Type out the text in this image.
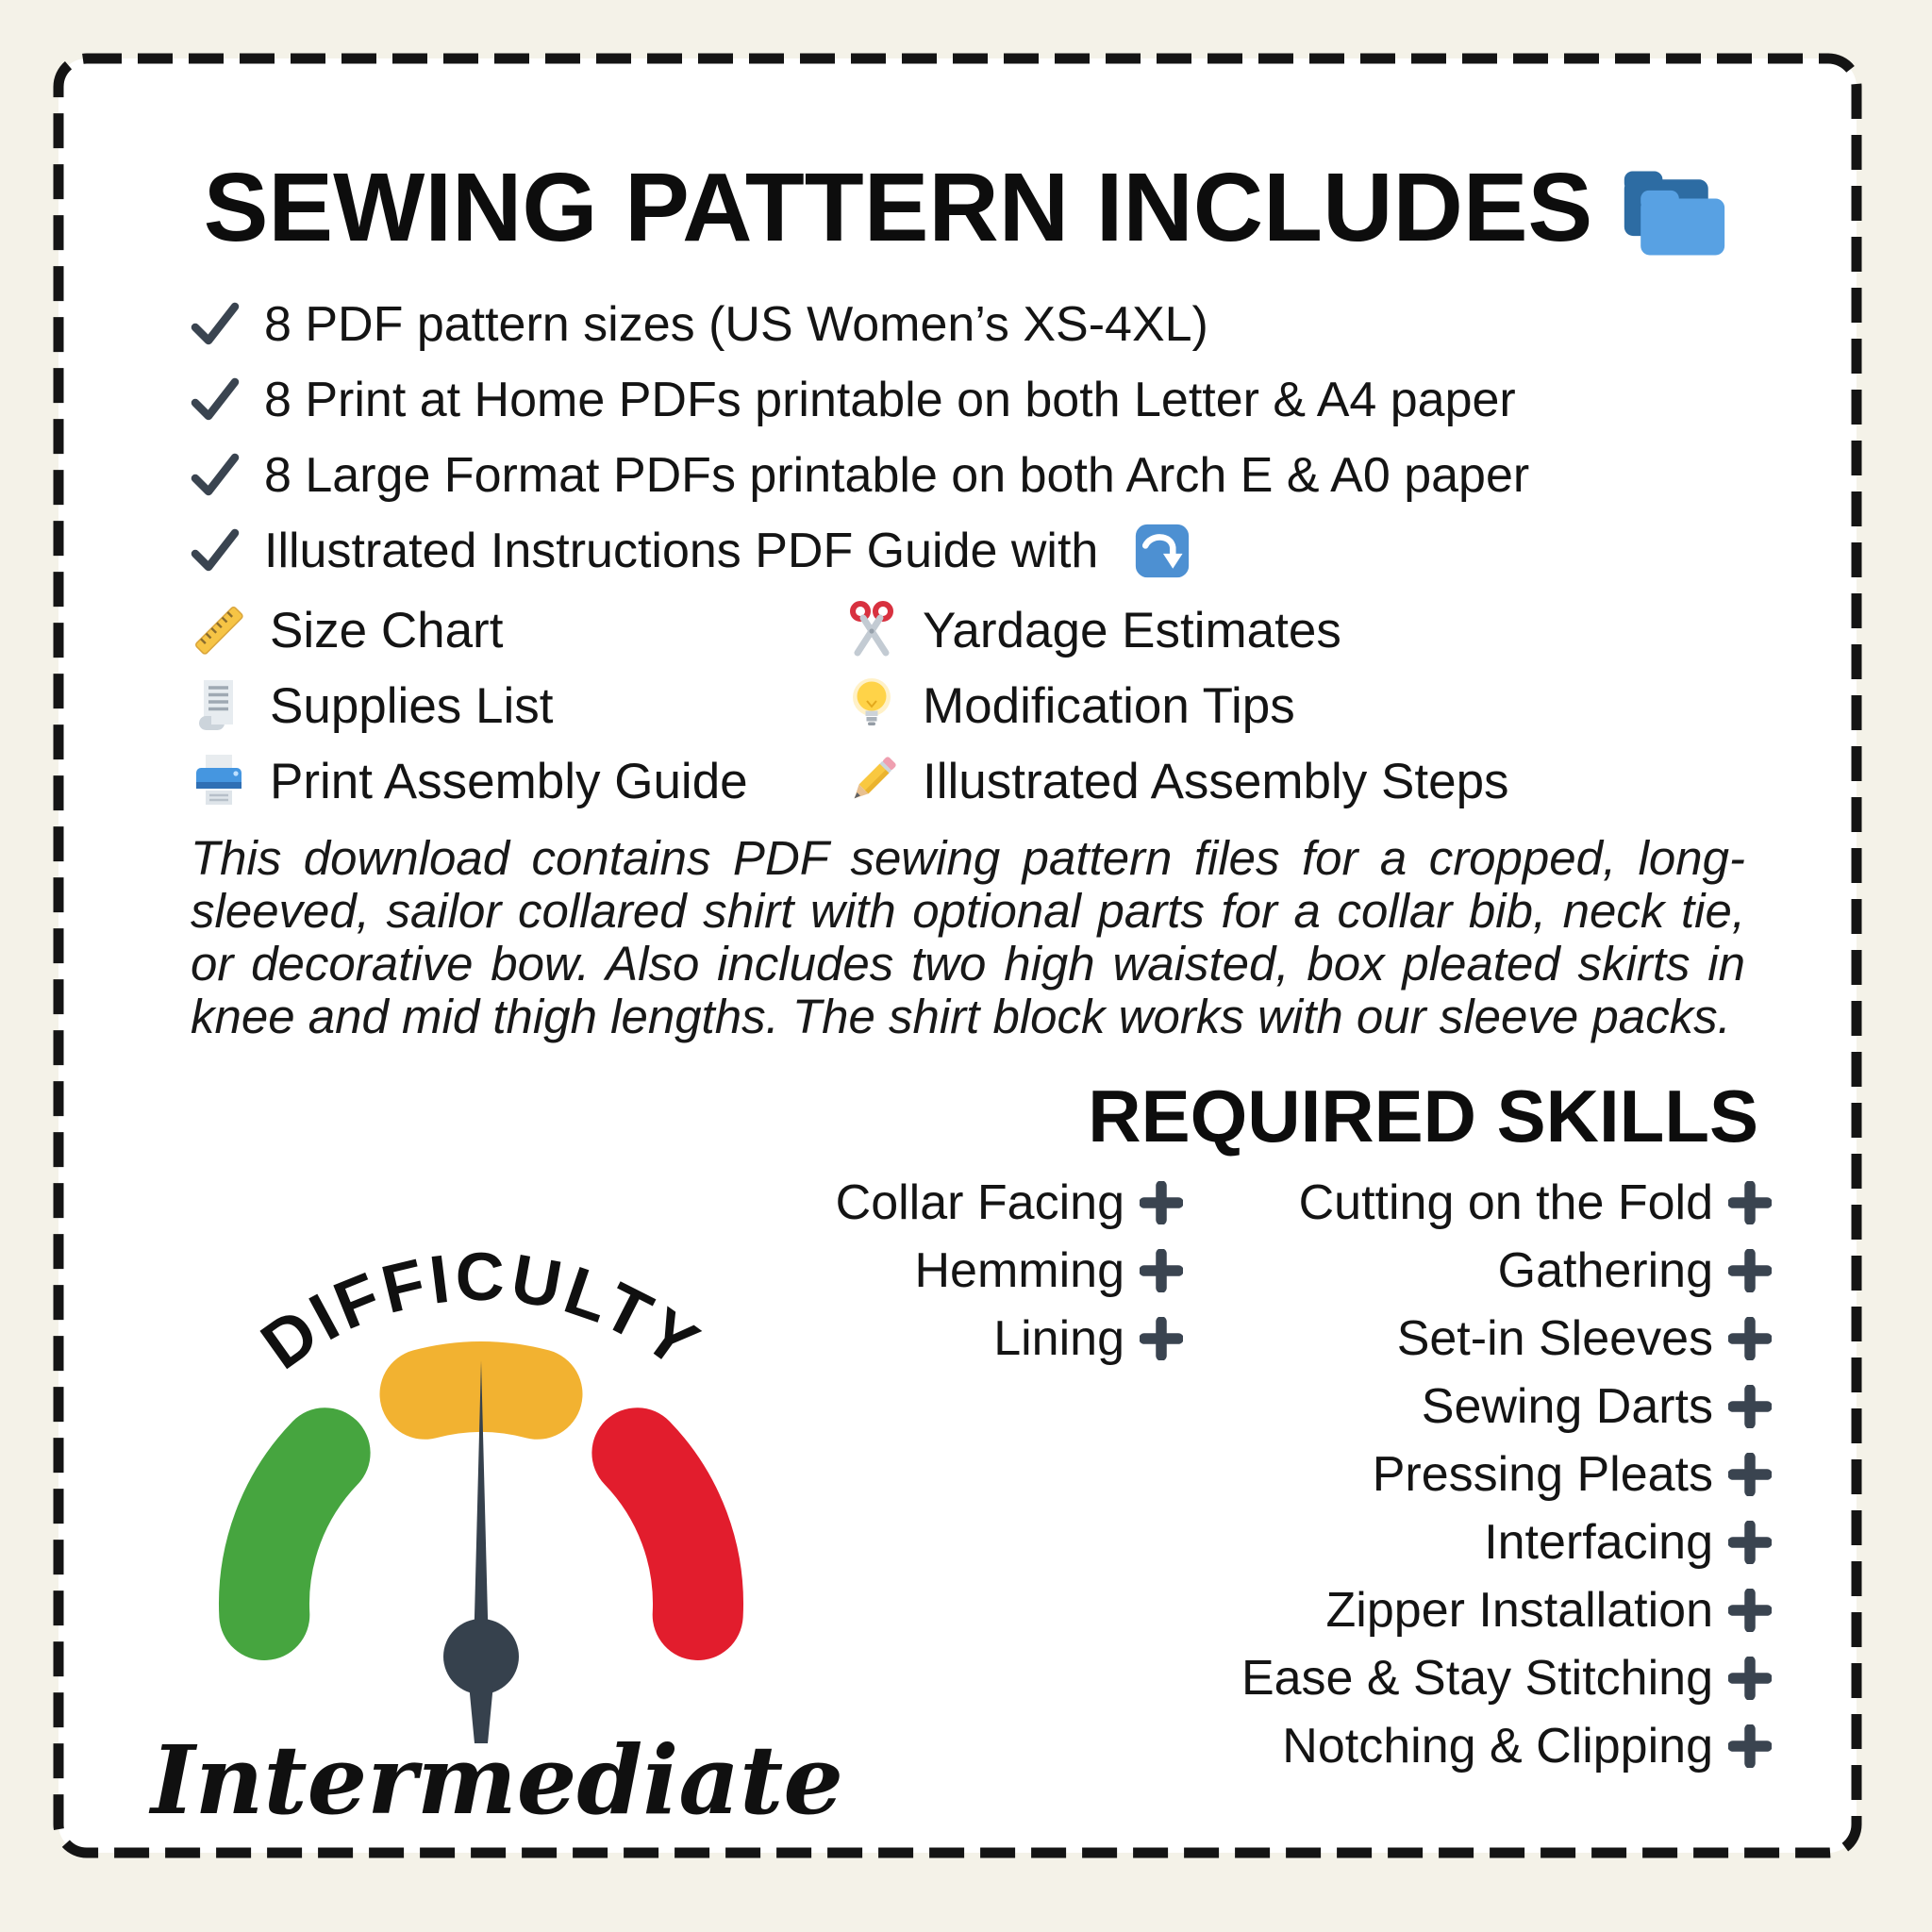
SEWING PATTERN INCLUDES
8 PDF pattern sizes (US Women’s XS-4XL)
8 Print at Home PDFs printable on both Letter & A4 paper
8 Large Format PDFs printable on both Arch E & A0 paper
Illustrated Instructions PDF Guide with
Size Chart	Yardage Estimates
Supplies List	Modification Tips
Print Assembly Guide	Illustrated Assembly Steps
This download contains PDF sewing pattern files for a cropped, long-sleeved, sailor collared shirt with optional parts for a collar bib, neck tie, or decorative bow. Also includes two high waisted, box pleated skirts in knee and mid thigh lengths. The shirt block works with our sleeve packs.
REQUIRED SKILLS
Collar Facing
Hemming
Lining
Cutting on the Fold
Gathering
Set-in Sleeves
Sewing Darts
Pressing Pleats
Interfacing
Zipper Installation
Ease & Stay Stitching
Notching & Clipping
DIFFICULTY
Intermediate
